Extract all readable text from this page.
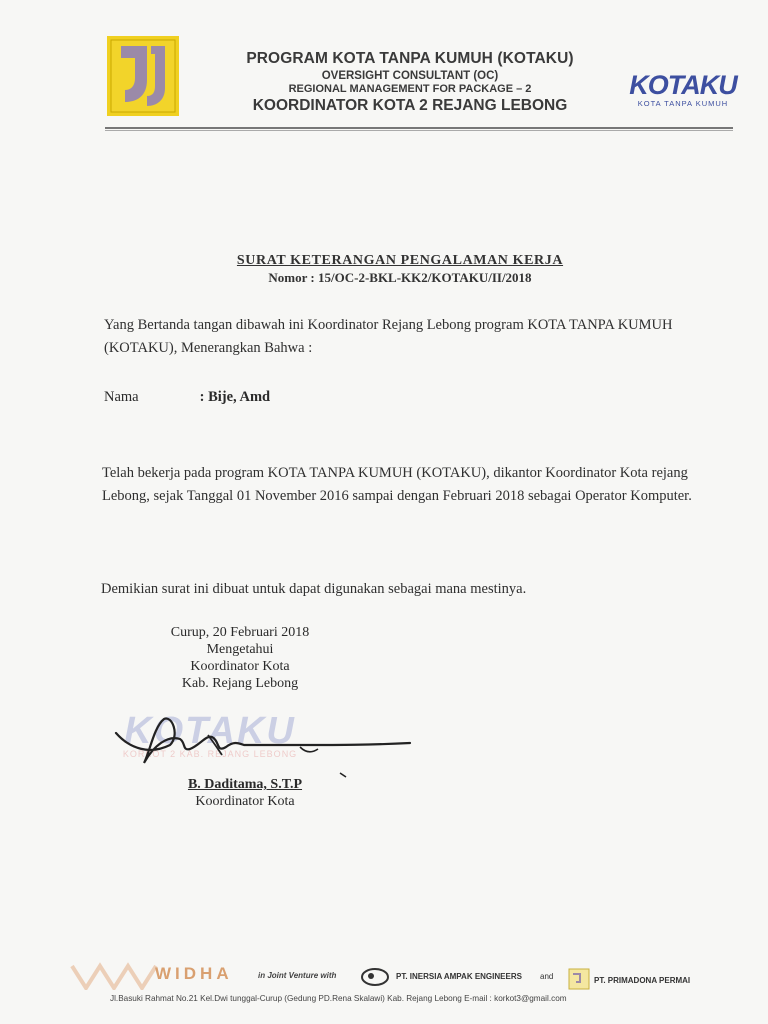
PROGRAM KOTA TANPA KUMUH (KOTAKU)
OVERSIGHT CONSULTANT (OC)
REGIONAL MANAGEMENT FOR PACKAGE – 2
KOORDINATOR KOTA 2 REJANG LEBONG
KOTAKU
KOTA TANPA KUMUH
SURAT KETERANGAN PENGALAMAN KERJA
Nomor : 15/OC-2-BKL-KK2/KOTAKU/II/2018
Yang Bertanda tangan dibawah ini Koordinator Rejang Lebong program KOTA TANPA KUMUH (KOTAKU), Menerangkan Bahwa :
Nama	: Bije, Amd
Telah bekerja pada program KOTA TANPA KUMUH (KOTAKU), dikantor Koordinator Kota rejang Lebong, sejak Tanggal 01 November 2016 sampai dengan Februari 2018 sebagai Operator Komputer.
Demikian surat ini dibuat untuk dapat digunakan sebagai mana mestinya.
Curup, 20 Februari 2018
Mengetahui
Koordinator Kota
Kab. Rejang Lebong
KOTAKU
KORKOT 2 KAB. REJANG LEBONG
B. Daditama, S.T.P
Koordinator Kota
WIDHA	in Joint Venture with	PT. INERSIA AMPAK ENGINEERS and	PT. PRIMADONA PERMAI
Jl.Basuki Rahmat No.21 Kel.Dwi tunggal-Curup (Gedung PD.Rena Skalawi) Kab. Rejang Lebong E-mail : korkot3@gmail.com
